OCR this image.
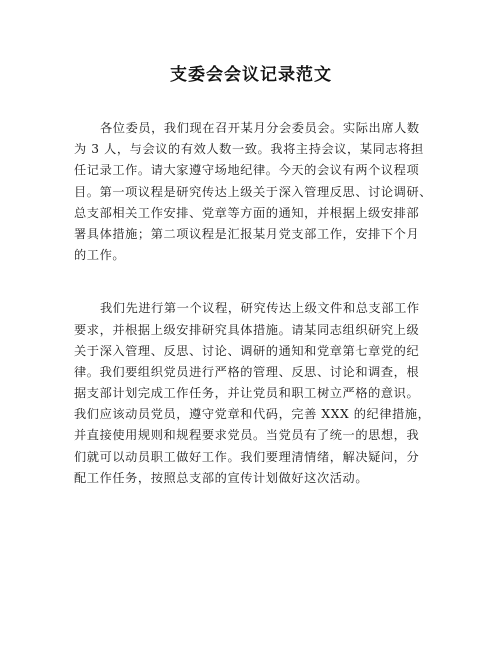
支委会会议记录范文

各位委员，我们现在召开某月分会委员会。实际出席人数
为 3 人，与会议的有效人数一致。我将主持会议，某同志将担
任记录工作。请大家遵守场地纪律。今天的会议有两个议程项
目。第一项议程是研究传达上级关于深入管理反思、讨论调研、
总支部相关工作安排、党章等方面的通知，并根据上级安排部
署具体措施；第二项议程是汇报某月党支部工作，安排下个月
的工作。

我们先进行第一个议程，研究传达上级文件和总支部工作
要求，并根据上级安排研究具体措施。请某同志组织研究上级
关于深入管理、反思、讨论、调研的通知和党章第七章党的纪
律。我们要组织党员进行严格的管理、反思、讨论和调查，根
据支部计划完成工作任务，并让党员和职工树立严格的意识。
我们应该动员党员，遵守党章和代码，完善 XXX 的纪律措施，
并直接使用规则和规程要求党员。当党员有了统一的思想，我
们就可以动员职工做好工作。我们要理清情绪，解决疑问，分
配工作任务，按照总支部的宣传计划做好这次活动。
